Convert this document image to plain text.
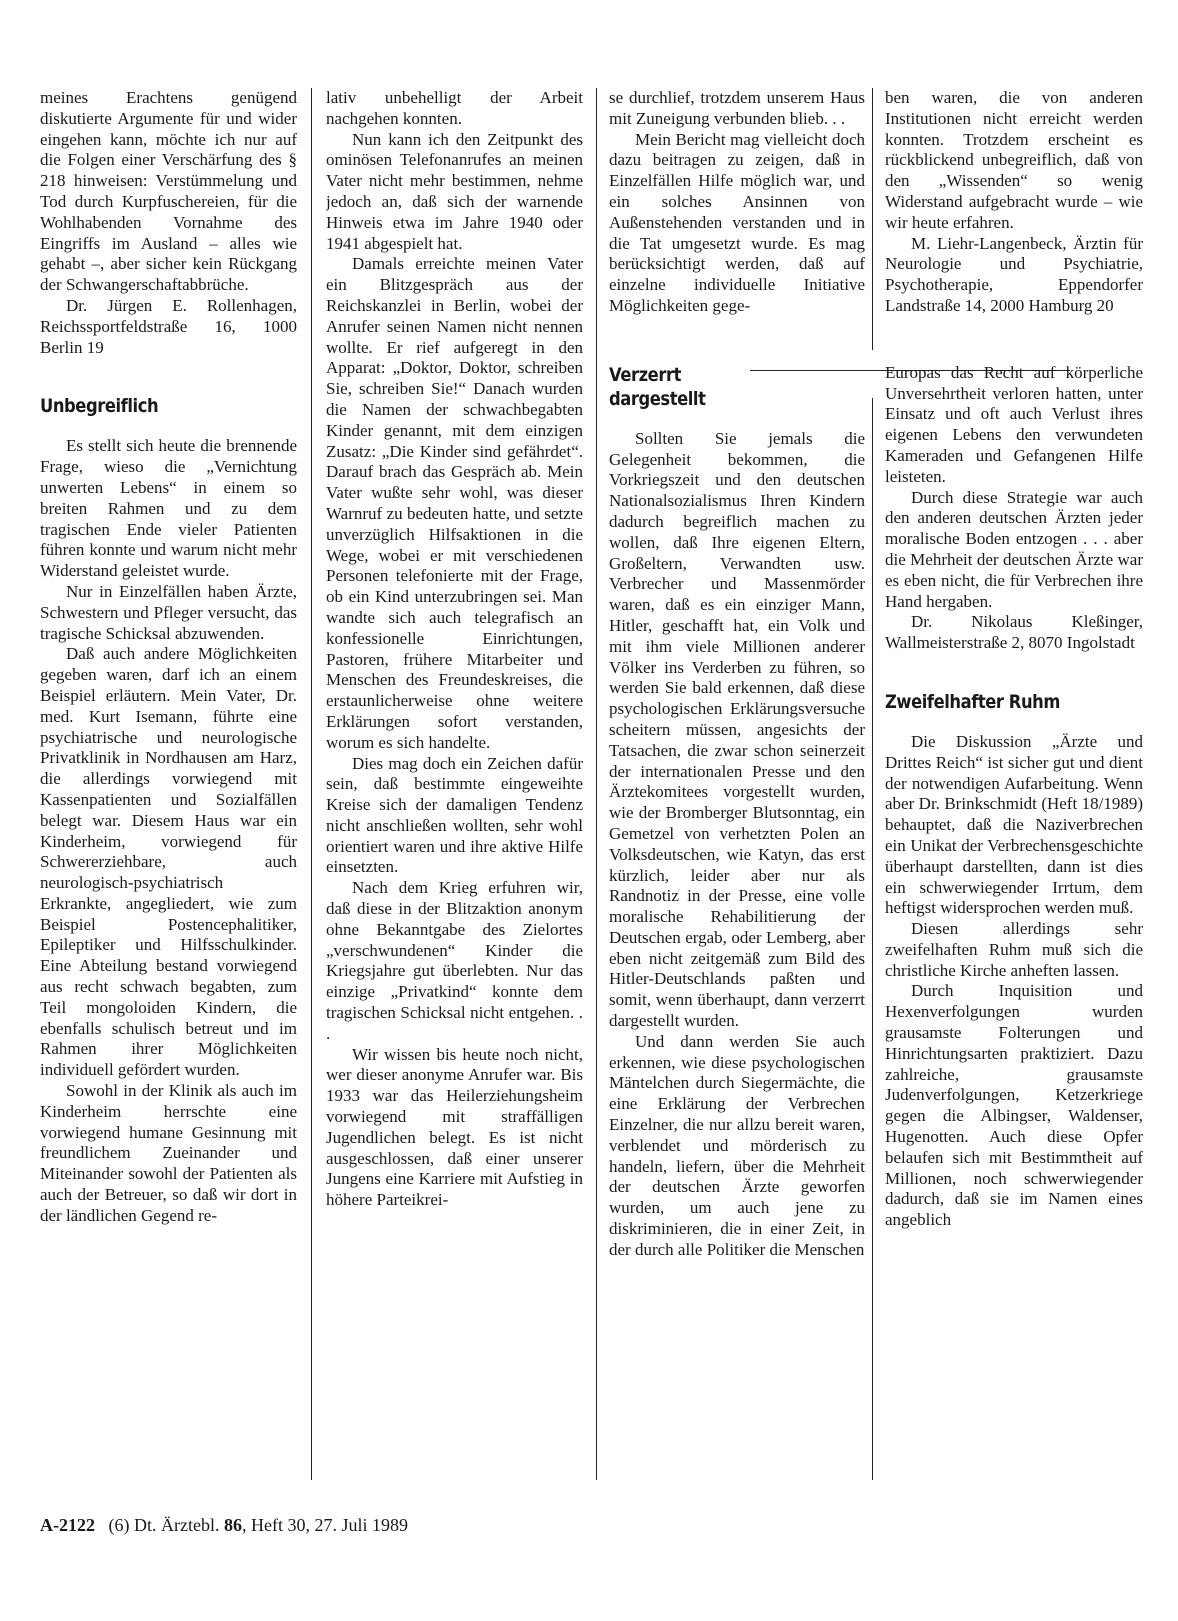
meines Erachtens genügend diskutierte Argumente für und wider eingehen kann, möchte ich nur auf die Folgen einer Verschärfung des § 218 hinweisen: Verstümmelung und Tod durch Kurpfuschereien, für die Wohlhabenden Vornahme des Eingriffs im Ausland – alles wie gehabt –, aber sicher kein Rückgang der Schwangerschaftabbrüche.

Dr. Jürgen E. Rollenhagen, Reichssportfeldstraße 16, 1000 Berlin 19

Unbegreiflich

Es stellt sich heute die brennende Frage, wieso die „Vernichtung unwerten Lebens“ in einem so breiten Rahmen und zu dem tragischen Ende vieler Patienten führen konnte und warum nicht mehr Widerstand geleistet wurde.

Nur in Einzelfällen haben Ärzte, Schwestern und Pfleger versucht, das tragische Schicksal abzuwenden.

Daß auch andere Möglichkeiten gegeben waren, darf ich an einem Beispiel erläutern. Mein Vater, Dr. med. Kurt Isemann, führte eine psychiatrische und neurologische Privatklinik in Nordhausen am Harz, die allerdings vorwiegend mit Kassenpatienten und Sozialfällen belegt war. Diesem Haus war ein Kinderheim, vorwiegend für Schwererziehbare, auch neurologisch-psychiatrisch Erkrankte, angegliedert, wie zum Beispiel Postencephalitiker, Epileptiker und Hilfsschulkinder. Eine Abteilung bestand vorwiegend aus recht schwach begabten, zum Teil mongoloiden Kindern, die ebenfalls schulisch betreut und im Rahmen ihrer Möglichkeiten individuell gefördert wurden.

Sowohl in der Klinik als auch im Kinderheim herrschte eine vorwiegend humane Gesinnung mit freundlichem Zueinander und Miteinander sowohl der Patienten als auch der Betreuer, so daß wir dort in der ländlichen Gegend re-

lativ unbehelligt der Arbeit nachgehen konnten.

Nun kann ich den Zeitpunkt des ominösen Telefonanrufes an meinen Vater nicht mehr bestimmen, nehme jedoch an, daß sich der warnende Hinweis etwa im Jahre 1940 oder 1941 abgespielt hat.

Damals erreichte meinen Vater ein Blitzgespräch aus der Reichskanzlei in Berlin, wobei der Anrufer seinen Namen nicht nennen wollte. Er rief aufgeregt in den Apparat: „Doktor, Doktor, schreiben Sie, schreiben Sie!“ Danach wurden die Namen der schwachbegabten Kinder genannt, mit dem einzigen Zusatz: „Die Kinder sind gefährdet“. Darauf brach das Gespräch ab. Mein Vater wußte sehr wohl, was dieser Warnruf zu bedeuten hatte, und setzte unverzüglich Hilfsaktionen in die Wege, wobei er mit verschiedenen Personen telefonierte mit der Frage, ob ein Kind unterzubringen sei. Man wandte sich auch telegrafisch an konfessionelle Einrichtungen, Pastoren, frühere Mitarbeiter und Menschen des Freundeskreises, die erstaunlicherweise ohne weitere Erklärungen sofort verstanden, worum es sich handelte.

Dies mag doch ein Zeichen dafür sein, daß bestimmte eingeweihte Kreise sich der damaligen Tendenz nicht anschließen wollten, sehr wohl orientiert waren und ihre aktive Hilfe einsetzten.

Nach dem Krieg erfuhren wir, daß diese in der Blitzaktion anonym ohne Bekanntgabe des Zielortes „verschwundenen“ Kinder die Kriegsjahre gut überlebten. Nur das einzige „Privatkind“ konnte dem tragischen Schicksal nicht entgehen. . .

Wir wissen bis heute noch nicht, wer dieser anonyme Anrufer war. Bis 1933 war das Heilerziehungsheim vorwiegend mit straffälligen Jugendlichen belegt. Es ist nicht ausgeschlossen, daß einer unserer Jungens eine Karriere mit Aufstieg in höhere Parteikrei-

se durchlief, trotzdem unserem Haus mit Zuneigung verbunden blieb. . .

Mein Bericht mag vielleicht doch dazu beitragen zu zeigen, daß in Einzelfällen Hilfe möglich war, und ein solches Ansinnen von Außenstehenden verstanden und in die Tat umgesetzt wurde. Es mag berücksichtigt werden, daß auf einzelne individuelle Initiative Möglichkeiten gege-

Verzerrt
dargestellt

Sollten Sie jemals die Gelegenheit bekommen, die Vorkriegszeit und den deutschen Nationalsozialismus Ihren Kindern dadurch begreiflich machen zu wollen, daß Ihre eigenen Eltern, Großeltern, Verwandten usw. Verbrecher und Massenmörder waren, daß es ein einziger Mann, Hitler, geschafft hat, ein Volk und mit ihm viele Millionen anderer Völker ins Verderben zu führen, so werden Sie bald erkennen, daß diese psychologischen Erklärungsversuche scheitern müssen, angesichts der Tatsachen, die zwar schon seinerzeit der internationalen Presse und den Ärztekomitees vorgestellt wurden, wie der Bromberger Blutsonntag, ein Gemetzel von verhetzten Polen an Volksdeutschen, wie Katyn, das erst kürzlich, leider aber nur als Randnotiz in der Presse, eine volle moralische Rehabilitierung der Deutschen ergab, oder Lemberg, aber eben nicht zeitgemäß zum Bild des Hitler-Deutschlands paßten und somit, wenn überhaupt, dann verzerrt dargestellt wurden.

Und dann werden Sie auch erkennen, wie diese psychologischen Mäntelchen durch Siegermächte, die eine Erklärung der Verbrechen Einzelner, die nur allzu bereit waren, verblendet und mörderisch zu handeln, liefern, über die Mehrheit der deutschen Ärzte geworfen wurden, um auch jene zu diskriminieren, die in einer Zeit, in der durch alle Politiker die Menschen

ben waren, die von anderen Institutionen nicht erreicht werden konnten. Trotzdem erscheint es rückblickend unbegreiflich, daß von den „Wissenden“ so wenig Widerstand aufgebracht wurde – wie wir heute erfahren.

M. Liehr-Langenbeck, Ärztin für Neurologie und Psychiatrie, Psychotherapie, Eppendorfer Landstraße 14, 2000 Hamburg 20

Europas das Recht auf körperliche Unversehrtheit verloren hatten, unter Einsatz und oft auch Verlust ihres eigenen Lebens den verwundeten Kameraden und Gefangenen Hilfe leisteten.

Durch diese Strategie war auch den anderen deutschen Ärzten jeder moralische Boden entzogen . . . aber die Mehrheit der deutschen Ärzte war es eben nicht, die für Verbrechen ihre Hand hergaben.

Dr. Nikolaus Kleßinger, Wallmeisterstraße 2, 8070 Ingolstadt

Zweifelhafter Ruhm

Die Diskussion „Ärzte und Drittes Reich“ ist sicher gut und dient der notwendigen Aufarbeitung. Wenn aber Dr. Brinkschmidt (Heft 18/1989) behauptet, daß die Naziverbrechen ein Unikat der Verbrechensgeschichte überhaupt darstellten, dann ist dies ein schwerwiegender Irrtum, dem heftigst widersprochen werden muß.

Diesen allerdings sehr zweifelhaften Ruhm muß sich die christliche Kirche anheften lassen.

Durch Inquisition und Hexenverfolgungen wurden grausamste Folterungen und Hinrichtungsarten praktiziert. Dazu zahlreiche, grausamste Judenverfolgungen, Ketzerkriege gegen die Albingser, Waldenser, Hugenotten. Auch diese Opfer belaufen sich mit Bestimmtheit auf Millionen, noch schwerwiegender dadurch, daß sie im Namen eines angeblich

A-2122 (6) Dt. Ärztebl. 86, Heft 30, 27. Juli 1989
